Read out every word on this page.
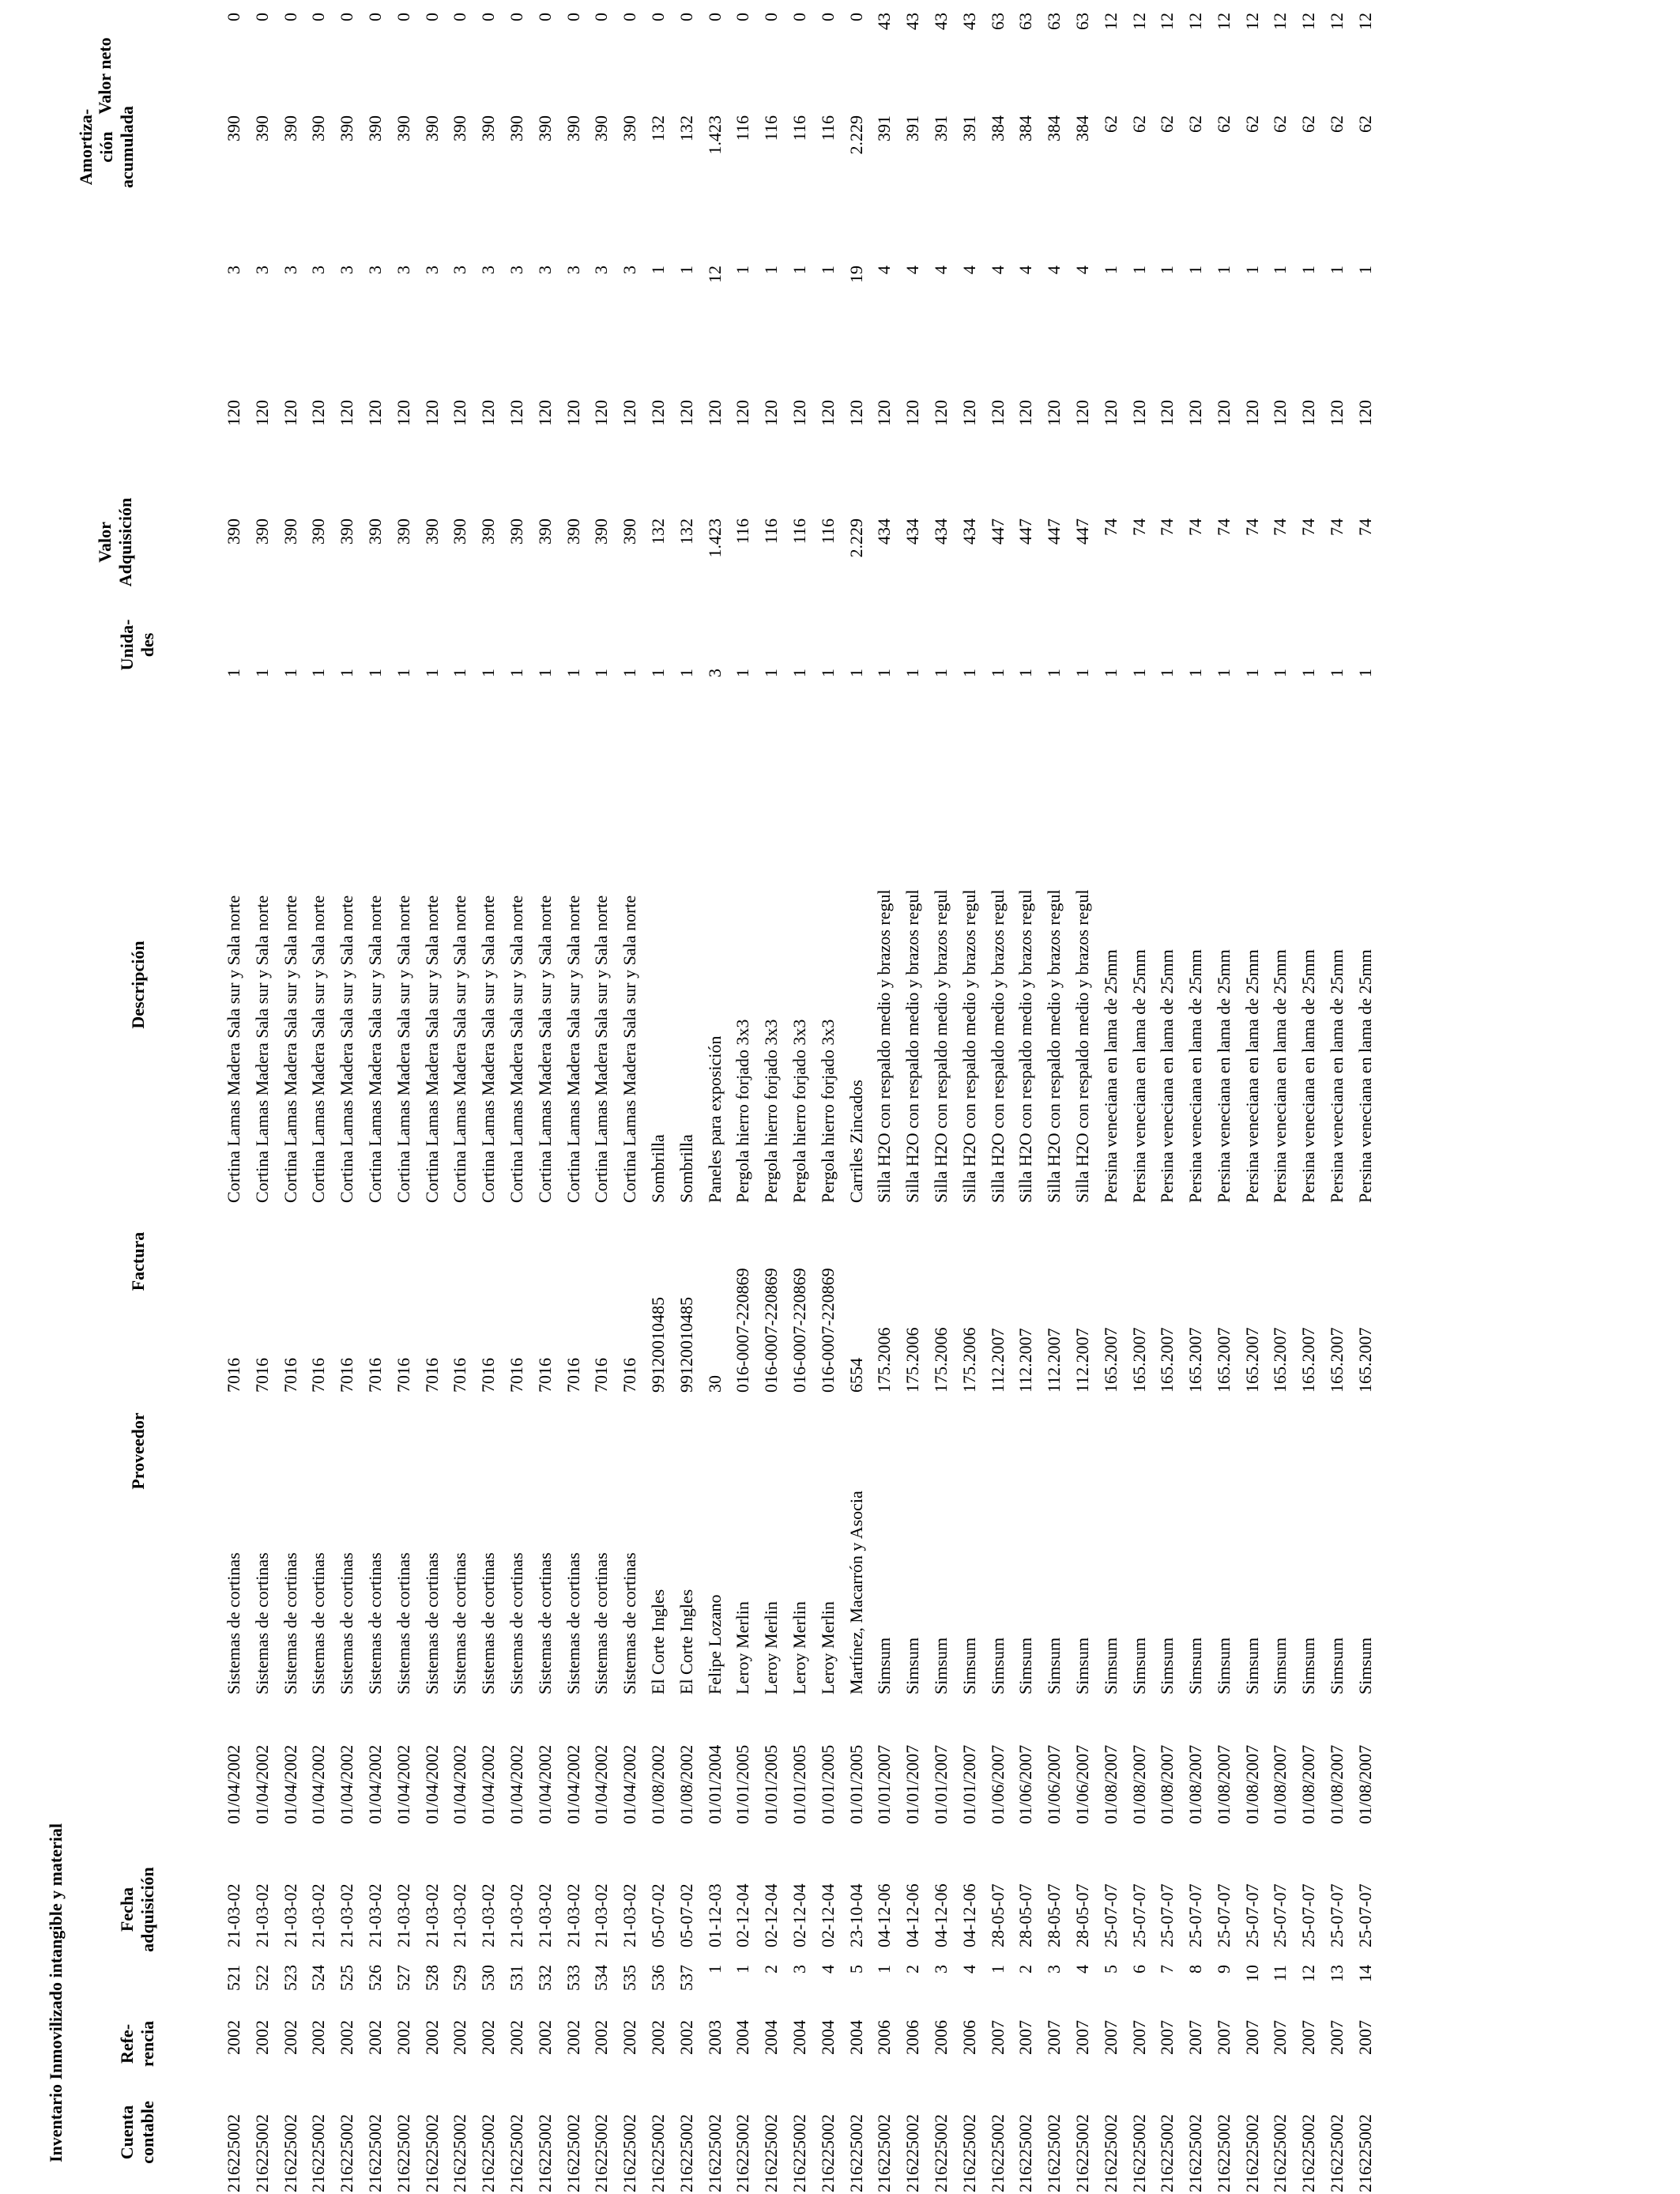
Inventario Inmovilizado intangible y material	Cuenta contable
Refe- rencia
Fecha adquisición
Proveedor
Factura
Descripción
Unida- des
Valor Adquisición
Amortiza- ción acumulada
Valor neto
216225002
2002
521
21-03-02
01/04/2002
Sistemas de cortinas
7016
Cortina Lamas Madera Sala sur y Sala norte
1
390
120
3
390
0
216225002
2002
522
21-03-02
01/04/2002
Sistemas de cortinas
7016
Cortina Lamas Madera Sala sur y Sala norte
1
390
120
3
390
0
216225002
2002
523
21-03-02
01/04/2002
Sistemas de cortinas
7016
Cortina Lamas Madera Sala sur y Sala norte
1
390
120
3
390
0
216225002
2002
524
21-03-02
01/04/2002
Sistemas de cortinas
7016
Cortina Lamas Madera Sala sur y Sala norte
1
390
120
3
390
0
216225002
2002
525
21-03-02
01/04/2002
Sistemas de cortinas
7016
Cortina Lamas Madera Sala sur y Sala norte
1
390
120
3
390
0
216225002
2002
526
21-03-02
01/04/2002
Sistemas de cortinas
7016
Cortina Lamas Madera Sala sur y Sala norte
1
390
120
3
390
0
216225002
2002
527
21-03-02
01/04/2002
Sistemas de cortinas
7016
Cortina Lamas Madera Sala sur y Sala norte
1
390
120
3
390
0
216225002
2002
528
21-03-02
01/04/2002
Sistemas de cortinas
7016
Cortina Lamas Madera Sala sur y Sala norte
1
390
120
3
390
0
216225002
2002
529
21-03-02
01/04/2002
Sistemas de cortinas
7016
Cortina Lamas Madera Sala sur y Sala norte
1
390
120
3
390
0
216225002
2002
530
21-03-02
01/04/2002
Sistemas de cortinas
7016
Cortina Lamas Madera Sala sur y Sala norte
1
390
120
3
390
0
216225002
2002
531
21-03-02
01/04/2002
Sistemas de cortinas
7016
Cortina Lamas Madera Sala sur y Sala norte
1
390
120
3
390
0
216225002
2002
532
21-03-02
01/04/2002
Sistemas de cortinas
7016
Cortina Lamas Madera Sala sur y Sala norte
1
390
120
3
390
0
216225002
2002
533
21-03-02
01/04/2002
Sistemas de cortinas
7016
Cortina Lamas Madera Sala sur y Sala norte
1
390
120
3
390
0
216225002
2002
534
21-03-02
01/04/2002
Sistemas de cortinas
7016
Cortina Lamas Madera Sala sur y Sala norte
1
390
120
3
390
0
216225002
2002
535
21-03-02
01/04/2002
Sistemas de cortinas
7016
Cortina Lamas Madera Sala sur y Sala norte
1
390
120
3
390
0
216225002
2002
536
05-07-02
01/08/2002
El Corte Ingles
99120010485
Sombrilla
1
132
120
1
132
0
216225002
2002
537
05-07-02
01/08/2002
El Corte Ingles
99120010485
Sombrilla
1
132
120
1
132
0
216225002
2003
1
01-12-03
01/01/2004
Felipe Lozano
30
Paneles para exposición
3
1.423
120
12
1.423
0
216225002
2004
1
02-12-04
01/01/2005
Leroy Merlin
016-0007-220869
Pergola hierro forjado 3x3
1
116
120
1
116
0
216225002
2004
2
02-12-04
01/01/2005
Leroy Merlin
016-0007-220869
Pergola hierro forjado 3x3
1
116
120
1
116
0
216225002
2004
3
02-12-04
01/01/2005
Leroy Merlin
016-0007-220869
Pergola hierro forjado 3x3
1
116
120
1
116
0
216225002
2004
4
02-12-04
01/01/2005
Leroy Merlin
016-0007-220869
Pergola hierro forjado 3x3
1
116
120
1
116
0
216225002
2004
5
23-10-04
01/01/2005
Martínez, Macarrón y Asocia
6554
Carriles Zincados
1
2.229
120
19
2.229
0
216225002
2006
1
04-12-06
01/01/2007
Simsum
175.2006
Silla H2O con respaldo medio y brazos regul
1
434
120
4
391
43
216225002
2006
2
04-12-06
01/01/2007
Simsum
175.2006
Silla H2O con respaldo medio y brazos regul
1
434
120
4
391
43
216225002
2006
3
04-12-06
01/01/2007
Simsum
175.2006
Silla H2O con respaldo medio y brazos regul
1
434
120
4
391
43
216225002
2006
4
04-12-06
01/01/2007
Simsum
175.2006
Silla H2O con respaldo medio y brazos regul
1
434
120
4
391
43
216225002
2007
1
28-05-07
01/06/2007
Simsum
112.2007
Silla H2O con respaldo medio y brazos regul
1
447
120
4
384
63
216225002
2007
2
28-05-07
01/06/2007
Simsum
112.2007
Silla H2O con respaldo medio y brazos regul
1
447
120
4
384
63
216225002
2007
3
28-05-07
01/06/2007
Simsum
112.2007
Silla H2O con respaldo medio y brazos regul
1
447
120
4
384
63
216225002
2007
4
28-05-07
01/06/2007
Simsum
112.2007
Silla H2O con respaldo medio y brazos regul
1
447
120
4
384
63
216225002
2007
5
25-07-07
01/08/2007
Simsum
165.2007
Persina veneciana en lama de 25mm
1
74
120
1
62
12
216225002
2007
6
25-07-07
01/08/2007
Simsum
165.2007
Persina veneciana en lama de 25mm
1
74
120
1
62
12
216225002
2007
7
25-07-07
01/08/2007
Simsum
165.2007
Persina veneciana en lama de 25mm
1
74
120
1
62
12
216225002
2007
8
25-07-07
01/08/2007
Simsum
165.2007
Persina veneciana en lama de 25mm
1
74
120
1
62
12
216225002
2007
9
25-07-07
01/08/2007
Simsum
165.2007
Persina veneciana en lama de 25mm
1
74
120
1
62
12
216225002
2007
10
25-07-07
01/08/2007
Simsum
165.2007
Persina veneciana en lama de 25mm
1
74
120
1
62
12
216225002
2007
11
25-07-07
01/08/2007
Simsum
165.2007
Persina veneciana en lama de 25mm
1
74
120
1
62
12
216225002
2007
12
25-07-07
01/08/2007
Simsum
165.2007
Persina veneciana en lama de 25mm
1
74
120
1
62
12
216225002
2007
13
25-07-07
01/08/2007
Simsum
165.2007
Persina veneciana en lama de 25mm
1
74
120
1
62
12
216225002
2007
14
25-07-07
01/08/2007
Simsum
165.2007
Persina veneciana en lama de 25mm
1
74
120
1
62
12
